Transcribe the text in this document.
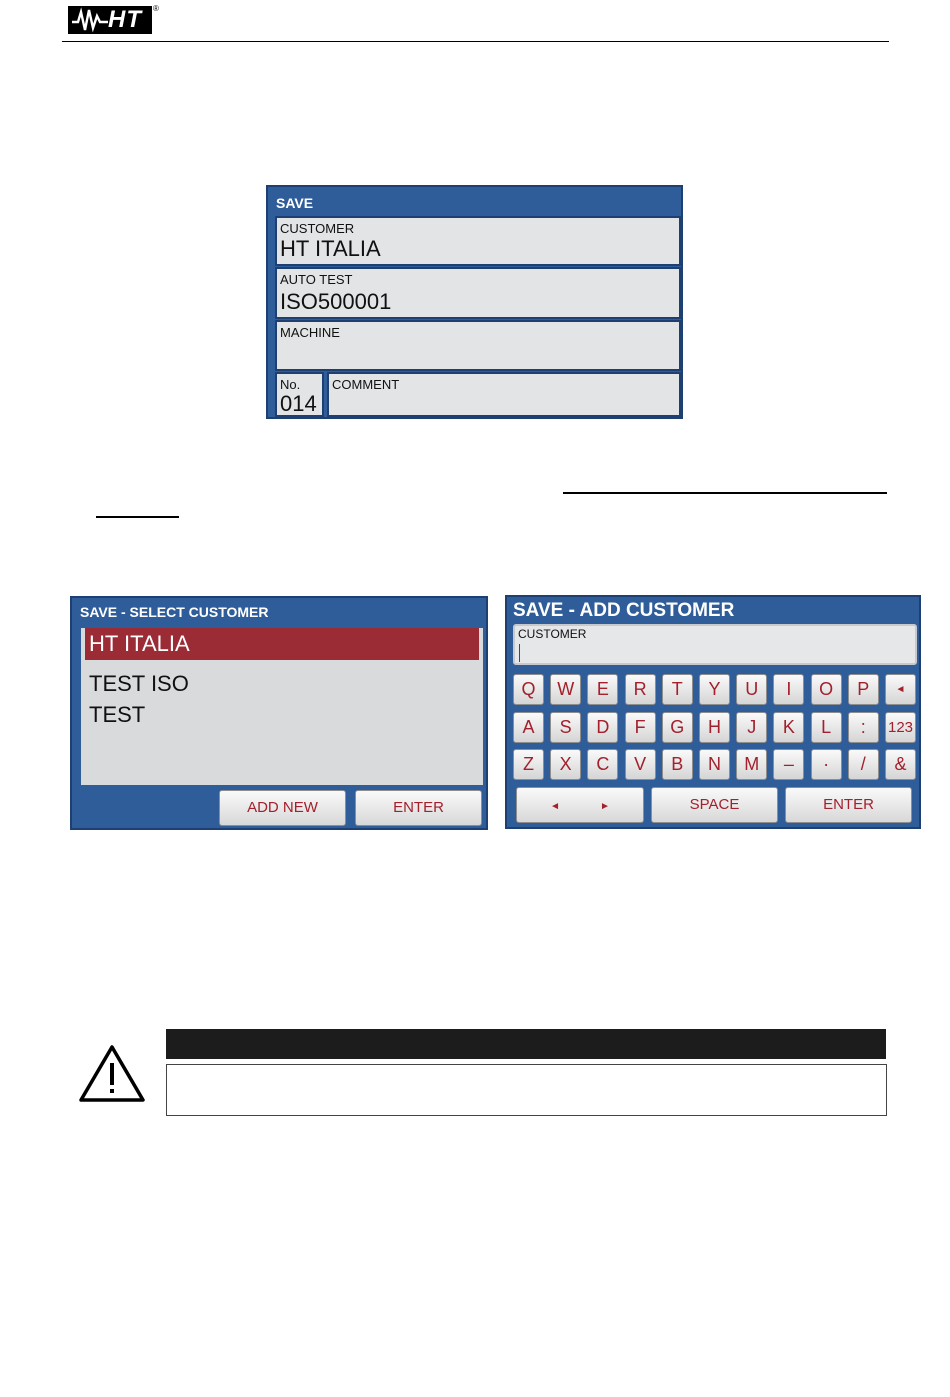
HT ®
SAVE
CUSTOMER
HT ITALIA
AUTO TEST
ISO500001
MACHINE
No.
014
COMMENT
SAVE - SELECT CUSTOMER
HT ITALIA
TEST ISO
TEST
ADD NEW	ENTER
SAVE - ADD CUSTOMER
CUSTOMER
Q	W	E	R	T	Y	U	I	O	P	◄
A	S	D	F	G	H	J	K	L	:	123
Z	X	C	V	B	N	M	–	·	/	&
◄	►	SPACE	ENTER
